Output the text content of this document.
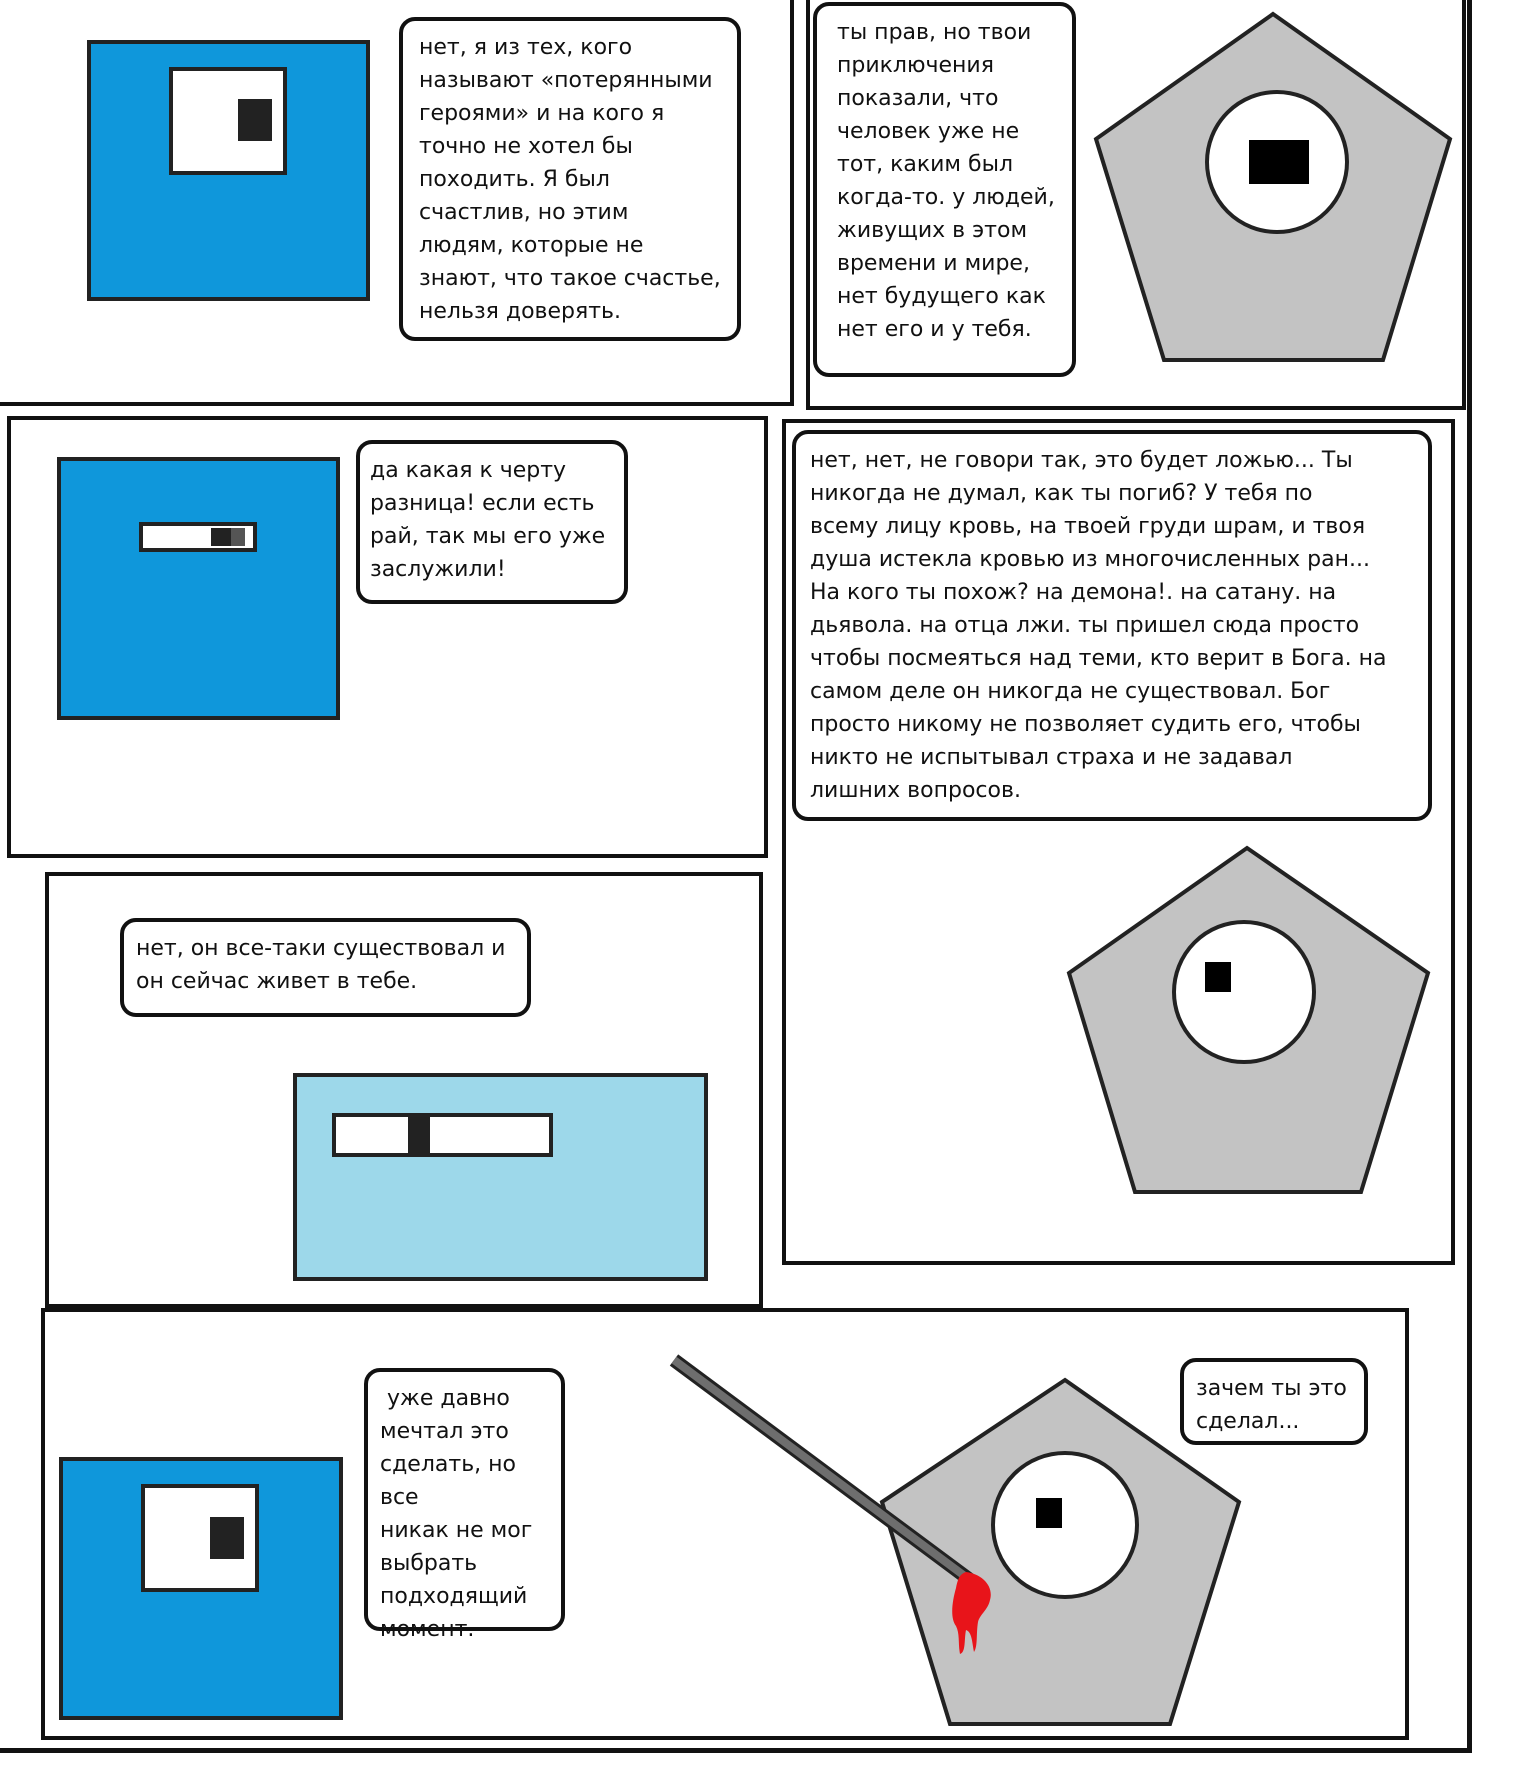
нет, я из тех, кого
называют «потерянными
героями» и на кого я
точно не хотел бы
походить. Я был
счастлив, но этим
людям, которые не
знают, что такое счастье,
нельзя доверять.
ты прав, но твои
приключения
показали, что
человек уже не
тот, каким был
когда-то. у людей,
живущих в этом
времени и мире,
нет будущего как
нет его и у тебя.
да какая к черту
разница! если есть
рай, так мы его уже
заслужили!
нет, нет, не говори так, это будет ложью... Ты
никогда не думал, как ты погиб? У тебя по
всему лицу кровь, на твоей груди шрам, и твоя
душа истекла кровью из многочисленных ран...
На кого ты похож? на демона!. на сатану. на
дьявола. на отца лжи. ты пришел сюда просто
чтобы посмеяться над теми, кто верит в Бога. на
самом деле он никогда не существовал. Бог
просто никому не позволяет судить его, чтобы
никто не испытывал страха и не задавал
лишних вопросов.
нет, он все-таки существовал и
он сейчас живет в тебе.
уже давно
мечтал это
сделать, но все
никак не мог
выбрать
подходящий
момент.
зачем ты это
сделал...
